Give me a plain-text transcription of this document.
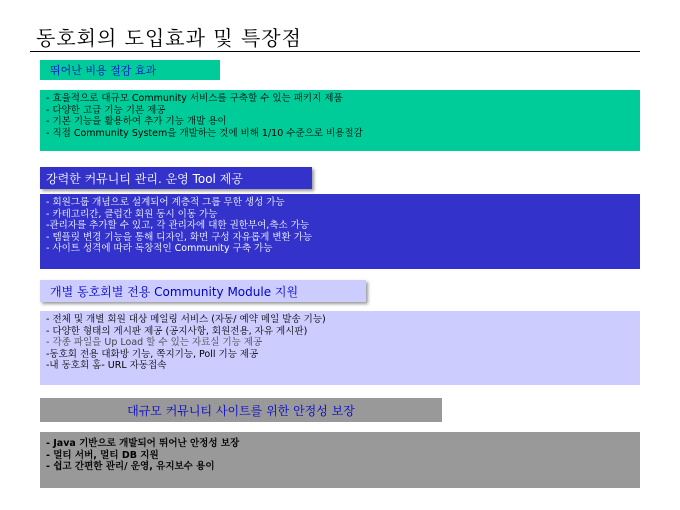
동호회의 도입효과 및 특장점
뛰어난 비용 절감 효과
- 효율적으로 대규모 Community 서비스를 구축할 수 있는 패키지 제품
- 다양한 고급 기능 기본 제공
- 기본 기능을 활용하여 추가 기능 개발 용이
- 직접 Community System을 개발하는 것에 비해 1/10 수준으로 비용절감
강력한 커뮤니티 관리. 운영 Tool 제공
- 회원그룹 개념으로 설계되어 계층적 그룹 무한 생성 가능
- 카테고리간, 클럽간 회원 동시 이동 가능
-관리자를 추가할 수 있고, 각 관리자에 대한 권한부여,축소 가능
- 템플릿 변경 기능을 통해 디자인, 화면 구성 자유롭게 변환 가능
- 사이트 성격에 따라 독창적인 Community 구축 가능
개별 동호회별 전용 Community Module 지원
- 전체 및 개별 회원 대상 메일링 서비스 (자동/ 예약 메일 발송 기능)
- 다양한 형태의 게시판 제공 (공지사항, 회원전용, 자유 게시판)
- 각종 파일을 Up Load 할 수 있는 자료실 기능 제공
-동호회 전용 대화방 기능, 쪽지기능, Poll 기능 제공
-내 동호회 홈- URL 자동접속
대규모 커뮤니티 사이트를 위한 안정성 보장
- Java 기반으로 개발되어 뛰어난 안정성 보장
- 멀티 서버, 멀티 DB 지원
- 쉽고 간편한 관리/ 운영, 유지보수 용이
